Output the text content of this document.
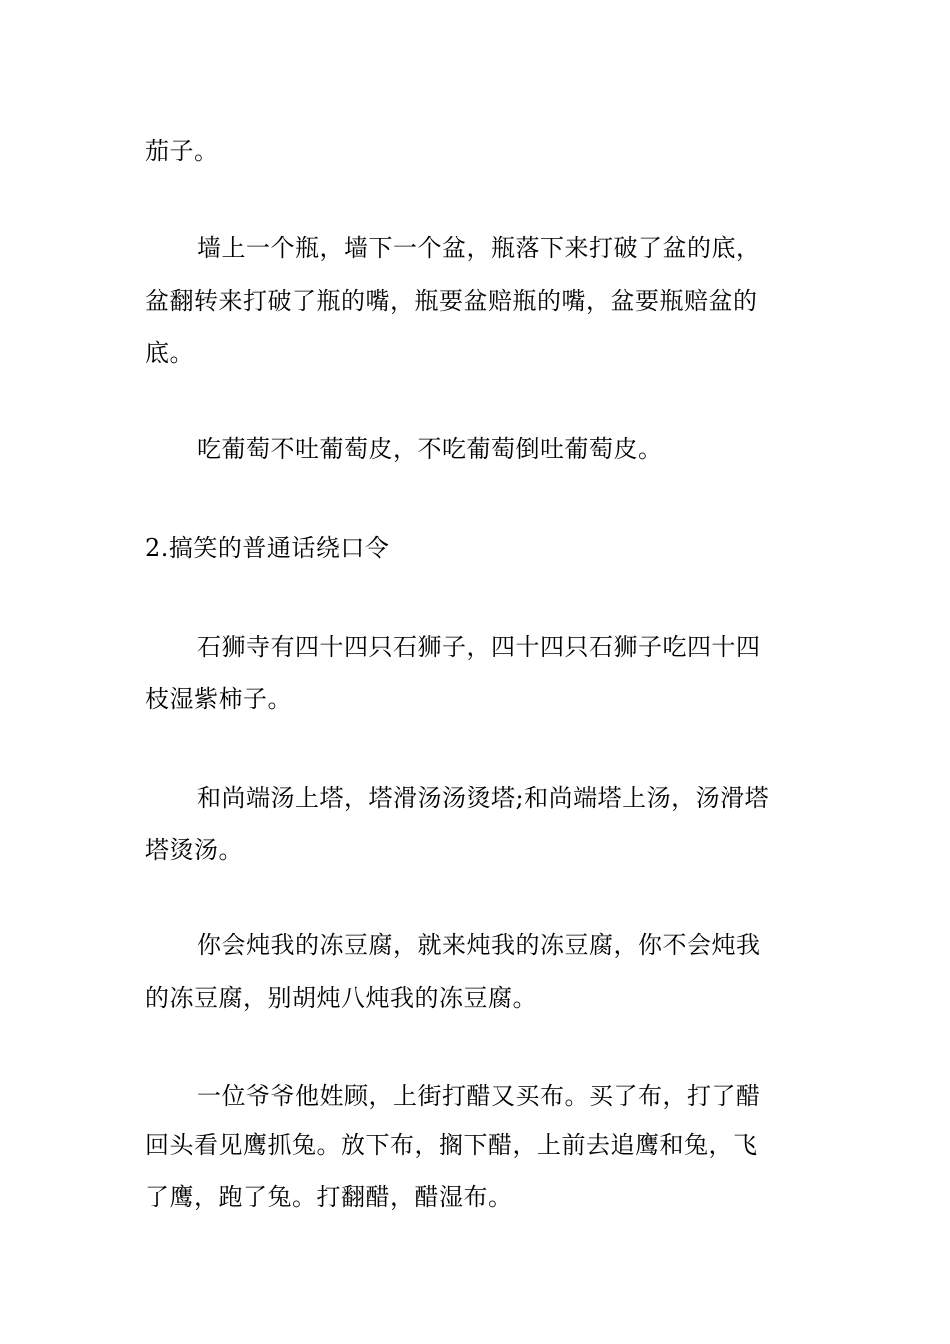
茄子。
墙上一个瓶，墙下一个盆，瓶落下来打破了盆的底，
盆翻转来打破了瓶的嘴，瓶要盆赔瓶的嘴，盆要瓶赔盆的
底。
吃葡萄不吐葡萄皮，不吃葡萄倒吐葡萄皮。
2.搞笑的普通话绕口令
石狮寺有四十四只石狮子，四十四只石狮子吃四十四
枝湿紫柿子。
和尚端汤上塔，塔滑汤汤烫塔;和尚端塔上汤，汤滑塔
塔烫汤。
你会炖我的冻豆腐，就来炖我的冻豆腐，你不会炖我
的冻豆腐，别胡炖八炖我的冻豆腐。
一位爷爷他姓顾，上街打醋又买布。买了布，打了醋
回头看见鹰抓兔。放下布，搁下醋，上前去追鹰和兔，飞
了鹰，跑了兔。打翻醋，醋湿布。
